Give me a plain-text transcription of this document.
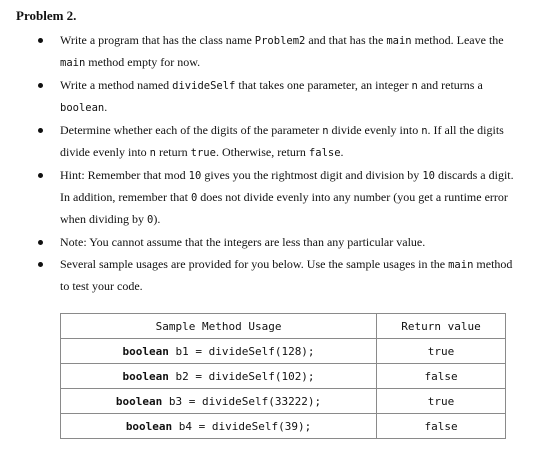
Problem 2.
Write a program that has the class name Problem2 and that has the main method. Leave the main method empty for now.
Write a method named divideSelf that takes one parameter, an integer n and returns a boolean.
Determine whether each of the digits of the parameter n divide evenly into n. If all the digits divide evenly into n return true. Otherwise, return false.
Hint: Remember that mod 10 gives you the rightmost digit and division by 10 discards a digit. In addition, remember that 0 does not divide evenly into any number (you get a runtime error when dividing by 0).
Note: You cannot assume that the integers are less than any particular value.
Several sample usages are provided for you below. Use the sample usages in the main method to test your code.
Sample Method Usage	Return value
boolean b1 = divideSelf(128);	true
boolean b2 = divideSelf(102);	false
boolean b3 = divideSelf(33222);	true
boolean b4 = divideSelf(39);	false
